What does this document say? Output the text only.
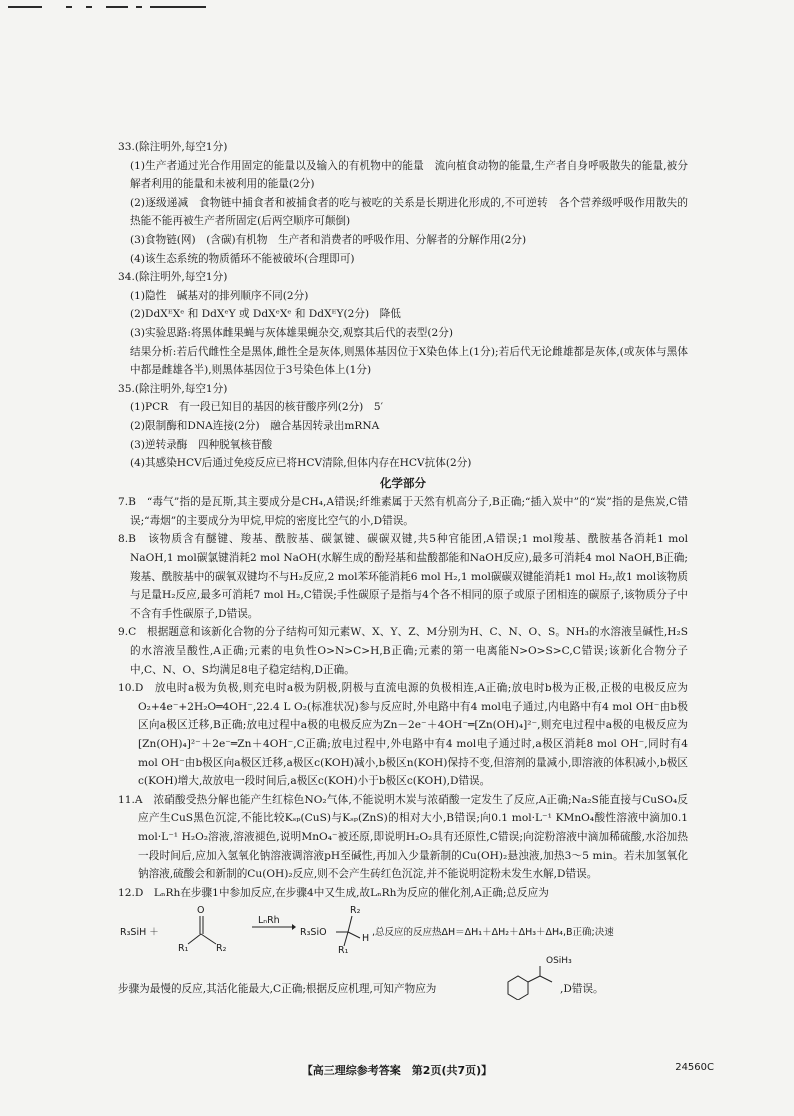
33.(除注明外,每空1分)

(1)生产者通过光合作用固定的能量以及输入的有机物中的能量　流向植食动物的能量,生产者自身呼吸散失的能量,被分解者利用的能量和未被利用的能量(2分)

(2)逐级递减　食物链中捕食者和被捕食者的吃与被吃的关系是长期进化形成的,不可逆转　各个营养级呼吸作用散失的热能不能再被生产者所固定(后两空顺序可颠倒)

(3)食物链(网)　(含碳)有机物　生产者和消费者的呼吸作用、分解者的分解作用(2分)

(4)该生态系统的物质循环不能被破坏(合理即可)

34.(除注明外,每空1分)

(1)隐性　碱基对的排列顺序不同(2分)

(2)DdXᴱXᵉ 和 DdXᵉY 或 DdXᵉXᵉ 和 DdXᴱY(2分)　降低

(3)实验思路:将黑体雌果蝇与灰体雄果蝇杂交,观察其后代的表型(2分)

结果分析:若后代雌性全是黑体,雌性全是灰体,则黑体基因位于X染色体上(1分);若后代无论雌雄都是灰体,(或灰体与黑体中都是雌雄各半),则黑体基因位于3号染色体上(1分)

35.(除注明外,每空1分)

(1)PCR　有一段已知目的基因的核苷酸序列(2分)　5′

(2)限制酶和DNA连接(2分)　融合基因转录出mRNA

(3)逆转录酶　四种脱氧核苷酸

(4)其感染HCV后通过免疫反应已将HCV清除,但体内存在HCV抗体(2分)

化学部分

7.B　“毒气”指的是瓦斯,其主要成分是CH₄,A错误;纤维素属于天然有机高分子,B正确;“插入炭中”的“炭”指的是焦炭,C错误;“毒烟”的主要成分为甲烷,甲烷的密度比空气的小,D错误。

8.B　该物质含有醚键、羧基、酰胺基、碳氯键、碳碳双键,共5种官能团,A错误;1 mol羧基、酰胺基各消耗1 mol NaOH,1 mol碳氯键消耗2 mol NaOH(水解生成的酚羟基和盐酸都能和NaOH反应),最多可消耗4 mol NaOH,B正确;羧基、酰胺基中的碳氧双键均不与H₂反应,2 mol苯环能消耗6 mol H₂,1 mol碳碳双键能消耗1 mol H₂,故1 mol该物质与足量H₂反应,最多可消耗7 mol H₂,C错误;手性碳原子是指与4个各不相同的原子或原子团相连的碳原子,该物质分子中不含有手性碳原子,D错误。

9.C　根据题意和该新化合物的分子结构可知元素W、X、Y、Z、M分别为H、C、N、O、S。NH₃的水溶液呈碱性,H₂S的水溶液呈酸性,A正确;元素的电负性O>N>C>H,B正确;元素的第一电离能N>O>S>C,C错误;该新化合物分子中,C、N、O、S均满足8电子稳定结构,D正确。

10.D　放电时a极为负极,则充电时a极为阴极,阴极与直流电源的负极相连,A正确;放电时b极为正极,正极的电极反应为O₂+4e⁻+2H₂O═4OH⁻,22.4 L O₂(标准状况)参与反应时,外电路中有4 mol电子通过,内电路中有4 mol OH⁻由b极区向a极区迁移,B正确;放电过程中a极的电极反应为Zn－2e⁻＋4OH⁻═[Zn(OH)₄]²⁻,则充电过程中a极的电极反应为[Zn(OH)₄]²⁻＋2e⁻═Zn＋4OH⁻,C正确;放电过程中,外电路中有4 mol电子通过时,a极区消耗8 mol OH⁻,同时有4 mol OH⁻由b极区向a极区迁移,a极区c(KOH)减小,b极区n(KOH)保持不变,但溶剂的量减小,即溶液的体积减小,b极区c(KOH)增大,故放电一段时间后,a极区c(KOH)小于b极区c(KOH),D错误。

11.A　浓硝酸受热分解也能产生红棕色NO₂气体,不能说明木炭与浓硝酸一定发生了反应,A正确;Na₂S能直接与CuSO₄反应产生CuS黑色沉淀,不能比较Kₛₚ(CuS)与Kₛₚ(ZnS)的相对大小,B错误;向0.1 mol·L⁻¹ KMnO₄酸性溶液中滴加0.1 mol·L⁻¹ H₂O₂溶液,溶液褪色,说明MnO₄⁻被还原,即说明H₂O₂具有还原性,C错误;向淀粉溶液中滴加稀硫酸,水浴加热一段时间后,应加入氢氧化钠溶液调溶液pH至碱性,再加入少量新制的Cu(OH)₂悬浊液,加热3～5 min。若未加氢氧化钠溶液,硫酸会和新制的Cu(OH)₂反应,则不会产生砖红色沉淀,并不能说明淀粉未发生水解,D错误。

12.D　LₙRh在步骤1中参加反应,在步骤4中又生成,故LₙRh为反应的催化剂,A正确;总反应为

R₃SiH ＋
O
R₁	R₂
LₙRh
R₃SiO
R₂
R₁
H
,总反应的反应热ΔH＝ΔH₁＋ΔH₂＋ΔH₃＋ΔH₄,B正确;决速
步骤为最慢的反应,其活化能最大,C正确;根据反应机理,可知产物应为
OSiH₃
,D错误。
【高三理综参考答案　第2页(共7页)】	24560C
